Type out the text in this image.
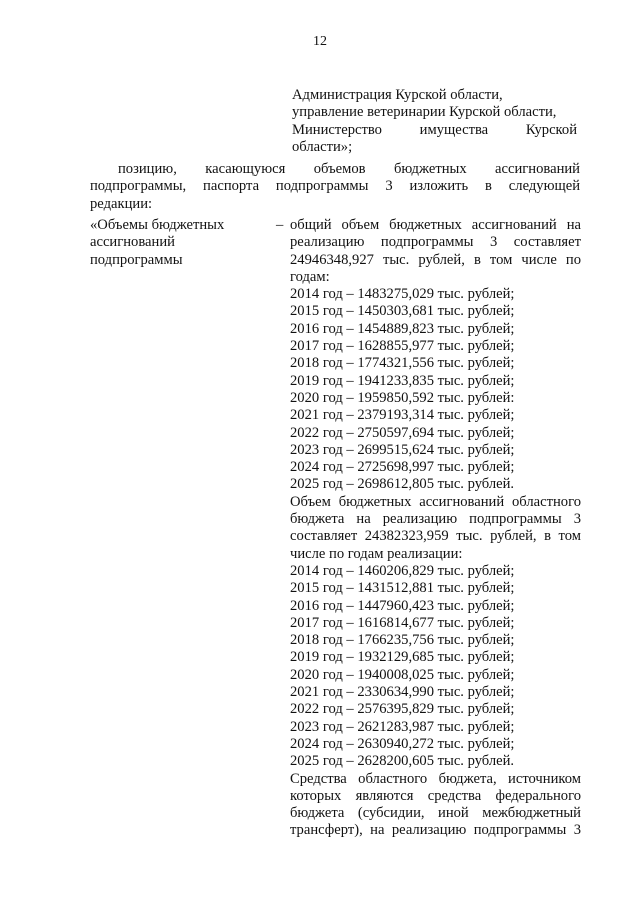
12
Администрация Курской области,
управление ветеринарии Курской области,
Министерство имущества Курской
области»;
позицию, касающуюся объемов бюджетных ассигнований
подпрограммы, паспорта подпрограммы 3 изложить в следующей
редакции:
«Объемы бюджетных
ассигнований
подпрограммы
– общий объем бюджетных ассигнований на
реализацию подпрограммы 3 составляет
24946348,927 тыс. рублей, в том числе по
годам:
2014 год – 1483275,029 тыс. рублей;
2015 год – 1450303,681 тыс. рублей;
2016 год – 1454889,823 тыс. рублей;
2017 год – 1628855,977 тыс. рублей;
2018 год – 1774321,556 тыс. рублей;
2019 год – 1941233,835 тыс. рублей;
2020 год – 1959850,592 тыс. рублей:
2021 год – 2379193,314 тыс. рублей;
2022 год – 2750597,694 тыс. рублей;
2023 год – 2699515,624 тыс. рублей;
2024 год – 2725698,997 тыс. рублей;
2025 год – 2698612,805 тыс. рублей.
Объем бюджетных ассигнований областного
бюджета на реализацию подпрограммы 3
составляет 24382323,959 тыс. рублей, в том
числе по годам реализации:
2014 год – 1460206,829 тыс. рублей;
2015 год – 1431512,881 тыс. рублей;
2016 год – 1447960,423 тыс. рублей;
2017 год – 1616814,677 тыс. рублей;
2018 год – 1766235,756 тыс. рублей;
2019 год – 1932129,685 тыс. рублей;
2020 год – 1940008,025 тыс. рублей;
2021 год – 2330634,990 тыс. рублей;
2022 год – 2576395,829 тыс. рублей;
2023 год – 2621283,987 тыс. рублей;
2024 год – 2630940,272 тыс. рублей;
2025 год – 2628200,605 тыс. рублей.
Средства областного бюджета, источником
которых являются средства федерального
бюджета (субсидии, иной межбюджетный
трансферт), на реализацию подпрограммы 3
